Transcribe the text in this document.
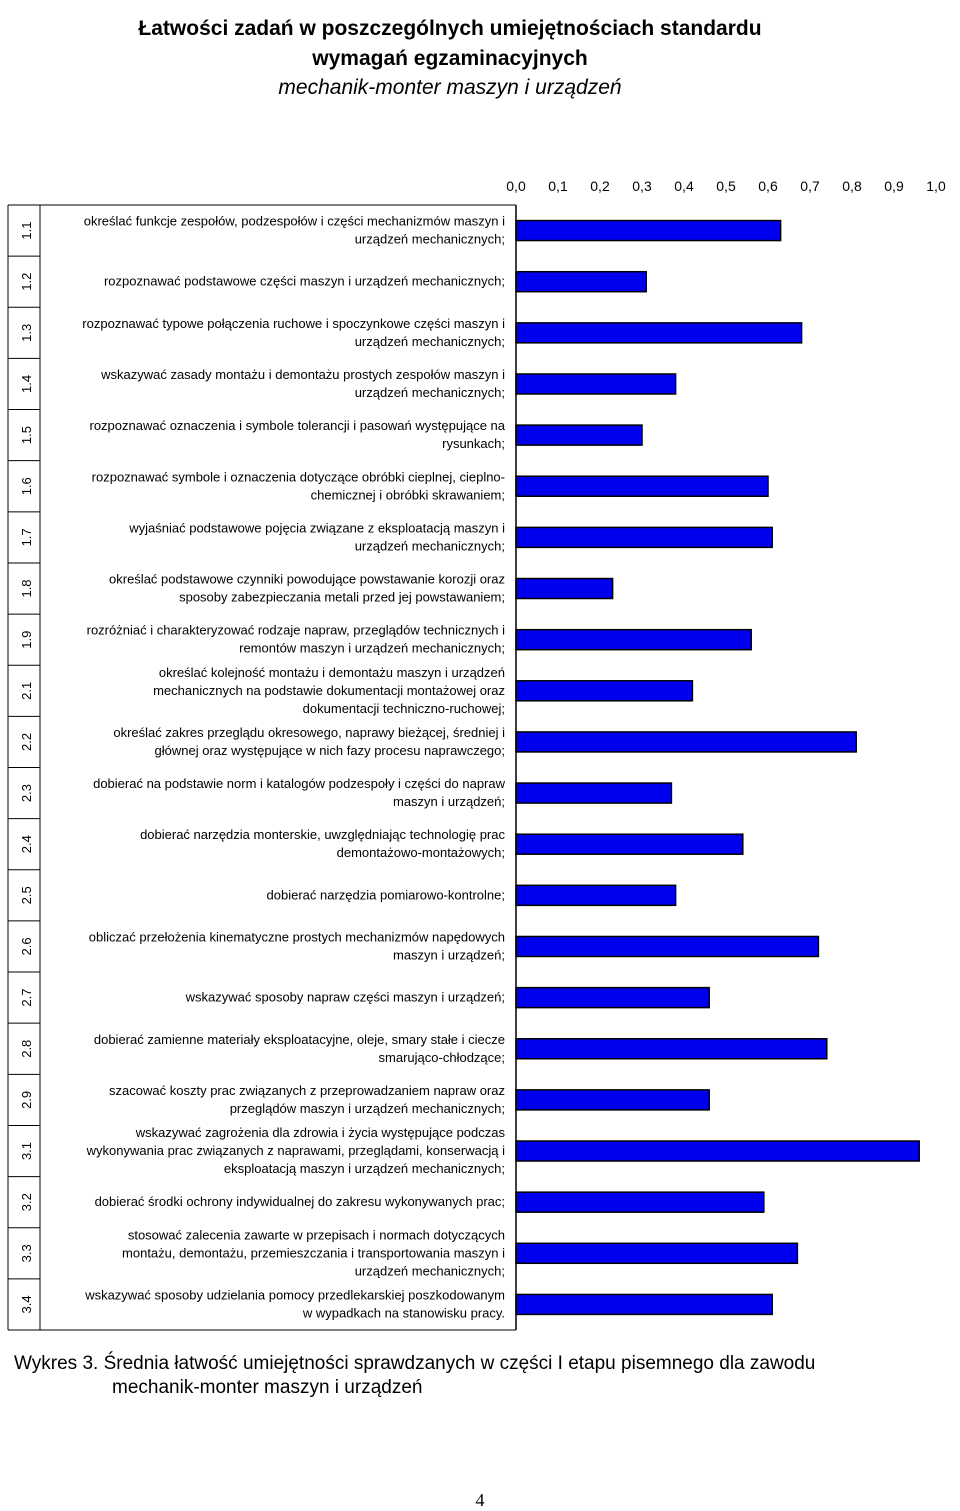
Łatwości zadań w poszczególnych umiejętnościach standardu
wymagań egzaminacyjnych
mechanik-monter maszyn i urządzeń
0,0 0,1 0,2 0,3 0,4 0,5 0,6 0,7 0,8 0,9 1,0
1.1
określać funkcje zespołów, podzespołów i części mechanizmów maszyn i
urządzeń mechanicznych;
1.2	rozpoznawać podstawowe części maszyn i urządzeń mechanicznych;
1.3
rozpoznawać typowe połączenia ruchowe i spoczynkowe części maszyn i
urządzeń mechanicznych;
1.4
wskazywać zasady montażu i demontażu prostych zespołów maszyn i
urządzeń mechanicznych;
1.5
rozpoznawać oznaczenia i symbole tolerancji i pasowań występujące na
rysunkach;
1.6
rozpoznawać symbole i oznaczenia dotyczące obróbki cieplnej, cieplno-
chemicznej i obróbki skrawaniem;
1.7
wyjaśniać podstawowe pojęcia związane z eksploatacją maszyn i
urządzeń mechanicznych;
1.8
określać podstawowe czynniki powodujące powstawanie korozji oraz
sposoby zabezpieczania metali przed jej powstawaniem;
1.9
rozróżniać i charakteryzować rodzaje napraw, przeglądów technicznych i
remontów maszyn i urządzeń mechanicznych;
2.1
określać kolejność montażu i demontażu maszyn i urządzeń
mechanicznych na podstawie dokumentacji montażowej oraz
dokumentacji techniczno-ruchowej;
2.2
określać zakres przeglądu okresowego, naprawy bieżącej, średniej i
głównej oraz występujące w nich fazy procesu naprawczego;
2.3
dobierać na podstawie norm i katalogów podzespoły i części do napraw
maszyn i urządzeń;
2.4
dobierać narzędzia monterskie, uwzględniając technologię prac
demontażowo-montażowych;
2.5	dobierać narzędzia pomiarowo-kontrolne;
2.6
obliczać przełożenia kinematyczne prostych mechanizmów napędowych
maszyn i urządzeń;
2.7	wskazywać sposoby napraw części maszyn i urządzeń;
2.8
dobierać zamienne materiały eksploatacyjne, oleje, smary stałe i ciecze
smarująco-chłodzące;
2.9
szacować koszty prac związanych z przeprowadzaniem napraw oraz
przeglądów maszyn i urządzeń mechanicznych;
3.1
wskazywać zagrożenia dla zdrowia i życia występujące podczas
wykonywania prac związanych z naprawami, przeglądami, konserwacją i
eksploatacją maszyn i urządzeń mechanicznych;
3.2	dobierać środki ochrony indywidualnej do zakresu wykonywanych prac;
3.3
stosować zalecenia zawarte w przepisach i normach dotyczących
montażu, demontażu, przemieszczania i transportowania maszyn i
urządzeń mechanicznych;
3.4
wskazywać sposoby udzielania pomocy przedlekarskiej poszkodowanym
w wypadkach na stanowisku pracy.
Wykres 3. Średnia łatwość umiejętności sprawdzanych w części I etapu pisemnego dla zawodu
mechanik-monter maszyn i urządzeń
4
